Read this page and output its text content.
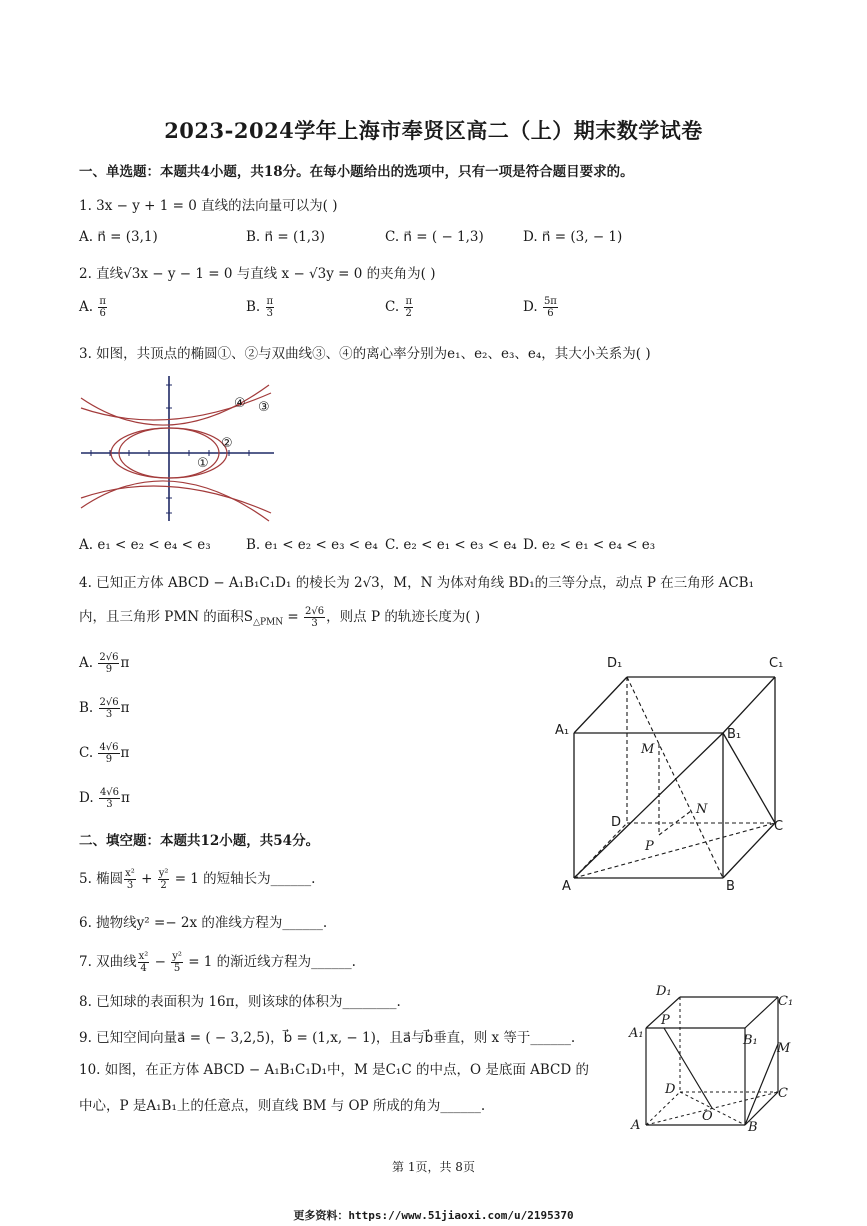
2023-2024学年上海市奉贤区高二（上）期末数学试卷
一、单选题：本题共4小题，共18分。在每小题给出的选项中，只有一项是符合题目要求的。
1. 3x − y + 1 = 0 直线的法向量可以为( )
A. n⃗ = (3,1)	B. n⃗ = (1,3)	C. n⃗ = ( − 1,3)	D. n⃗ = (3, − 1)
2. 直线√3x − y − 1 = 0 与直线 x − √3y = 0 的夹角为( )
A. $\frac{\pi}{6}$	B. $\frac{\pi}{3}$	C. $\frac{\pi}{2}$	D. $\frac{5\pi}{6}$
3. 如图，共顶点的椭圆①、②与双曲线③、④的离心率分别为e₁、e₂、e₃、e₄，其大小关系为( )
④ ③
②
①
A. e₁ < e₂ < e₄ < e₃	B. e₁ < e₂ < e₃ < e₄ C. e₂ < e₁ < e₃ < e₄ D. e₂ < e₁ < e₄ < e₃
4. 已知正方体 ABCD − A₁B₁C₁D₁ 的棱长为 2√3，M，N 为体对角线 BD₁的三等分点，动点 P 在三角形 ACB₁
内，且三角形 PMN 的面积$S_{\triangle PMN} = \frac{2√6}{3}$ ，则点 P 的轨迹长度为( )
A. $\frac{2√6}{9}$ π
B. $\frac{2√6}{3}$ π
C. $\frac{4√6}{9}$ π
D. $\frac{4√6}{3}$ π
D₁	C₁
A₁	B₁
M
N
D	C
P
A	B
二、填空题：本题共12小题，共54分。
5. 椭圆 $\frac{\text{x²}}{3} + \frac{\text{y²}}{2} = 1$ 的短轴长为______.
6. 抛物线y² =− 2x 的准线方程为______.
7. 双曲线 $\frac{\text{x²}}{4} - \frac{\text{y²}}{5} = 1$ 的渐近线方程为______.
8. 已知球的表面积为 16π，则该球的体积为________.
9. 已知空间向量a⃗ = ( − 3,2,5)，b⃗ = (1,x, − 1)，且a⃗与b⃗垂直，则 x 等于______.
10. 如图，在正方体 ABCD − A₁B₁C₁D₁中，M 是C₁C 的中点，O 是底面 ABCD 的
中心，P 是A₁B₁上的任意点，则直线 BM 与 OP 所成的角为______.
D₁
C₁
A₁
P
B₁
M
D	C
O
A	B
第 1页，共 8页
更多资料：https://www.51jiaoxi.com/u/2195370
